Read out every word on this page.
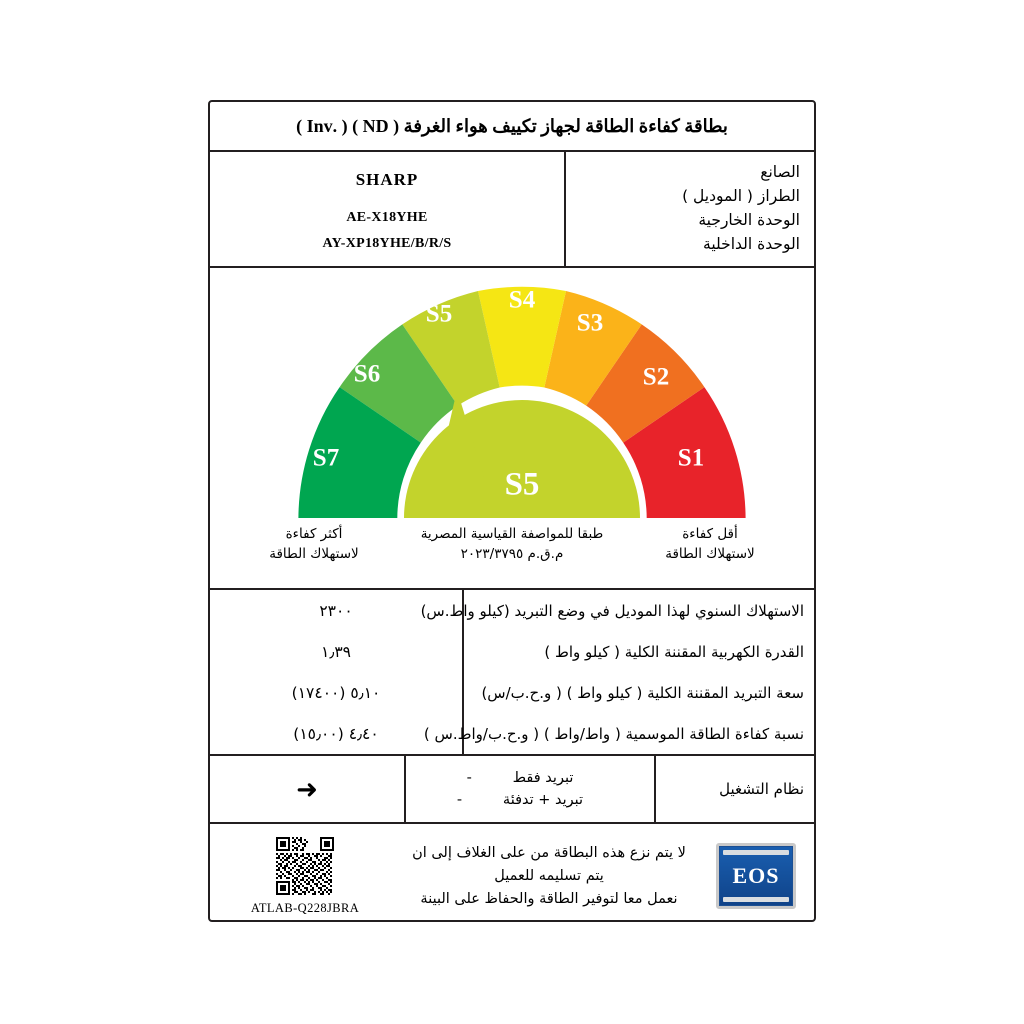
بطاقة كفاءة الطاقة لجهاز تكييف هواء الغرفة ( ND ) ( .Inv )
الصانع
الطراز ( الموديل )
الوحدة الخارجية
الوحدة الداخلية
SHARP
AE-X18YHE
AY-XP18YHE/B/R/S
S1
S2
S3
S4
S5
S6
S7
S5
أقل كفاءة
لاستهلاك الطاقة
طبقا للمواصفة القياسية المصرية
م.ق.م ٢٠٢٣/٣٧٩٥
أكثر كفاءة
لاستهلاك الطاقة
الاستهلاك السنوي لهذا الموديل في وضع التبريد (كيلو واط.س)
٢٣٠٠
القدرة الكهربية المقننة الكلية ( كيلو واط )
١٫٣٩
سعة التبريد المقننة الكلية ( كيلو واط ) ( و.ح.ب/س)
٥٫١٠ (١٧٤٠٠)
نسبة كفاءة الطاقة الموسمية ( واط/واط ) ( و.ح.ب/واط.س )
٤٫٤٠ (١٥٫٠٠)
نظام التشغيل
تبريد فقط
-
تبريد + تدفئة
-
➜
EOS
لا يتم نزع هذه البطاقة من على الغلاف إلى ان
يتم تسليمه للعميل
نعمل معا لتوفير الطاقة والحفاظ على البينة
ATLAB-Q228JBRA
